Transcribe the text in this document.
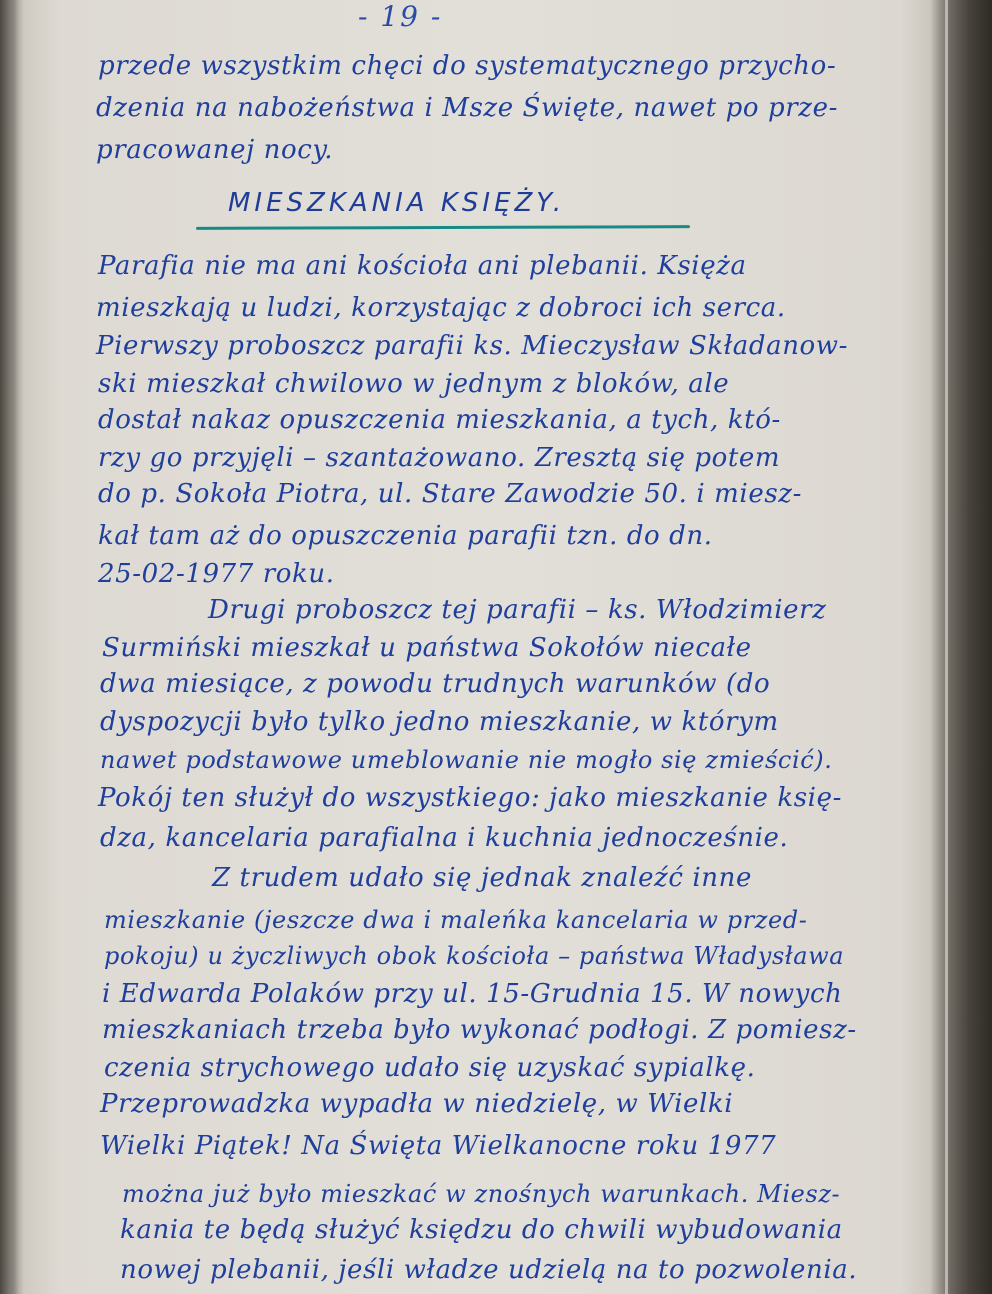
- 19 -
przede wszystkim chęci do systematycznego przycho-
dzenia na nabożeństwa i Msze Święte, nawet po prze-
pracowanej nocy.
MIESZKANIA KSIĘŻY.
Parafia nie ma ani kościoła ani plebanii. Księża
mieszkają u ludzi, korzystając z dobroci ich serca.
Pierwszy proboszcz parafii ks. Mieczysław Składanow-
ski mieszkał chwilowo w jednym z bloków, ale
dostał nakaz opuszczenia mieszkania, a tych, któ-
rzy go przyjęli – szantażowano. Zresztą się potem
do p. Sokoła Piotra, ul. Stare Zawodzie 50. i miesz-
kał tam aż do opuszczenia parafii tzn. do dn.
25-02-1977 roku.
Drugi proboszcz tej parafii – ks. Włodzimierz
Surmiński mieszkał u państwa Sokołów niecałe
dwa miesiące, z powodu trudnych warunków (do
dyspozycji było tylko jedno mieszkanie, w którym
nawet podstawowe umeblowanie nie mogło się zmieścić).
Pokój ten służył do wszystkiego: jako mieszkanie księ-
dza, kancelaria parafialna i kuchnia jednocześnie.
Z trudem udało się jednak znaleźć inne
mieszkanie (jeszcze dwa i maleńka kancelaria w przed-
pokoju) u życzliwych obok kościoła – państwa Władysława
i Edwarda Polaków przy ul. 15-Grudnia 15. W nowych
mieszkaniach trzeba było wykonać podłogi. Z pomiesz-
czenia strychowego udało się uzyskać sypialkę.
Przeprowadzka wypadła w niedzielę, w Wielki
Wielki Piątek! Na Święta Wielkanocne roku 1977
można już było mieszkać w znośnych warunkach. Miesz-
kania te będą służyć księdzu do chwili wybudowania
nowej plebanii, jeśli władze udzielą na to pozwolenia.
